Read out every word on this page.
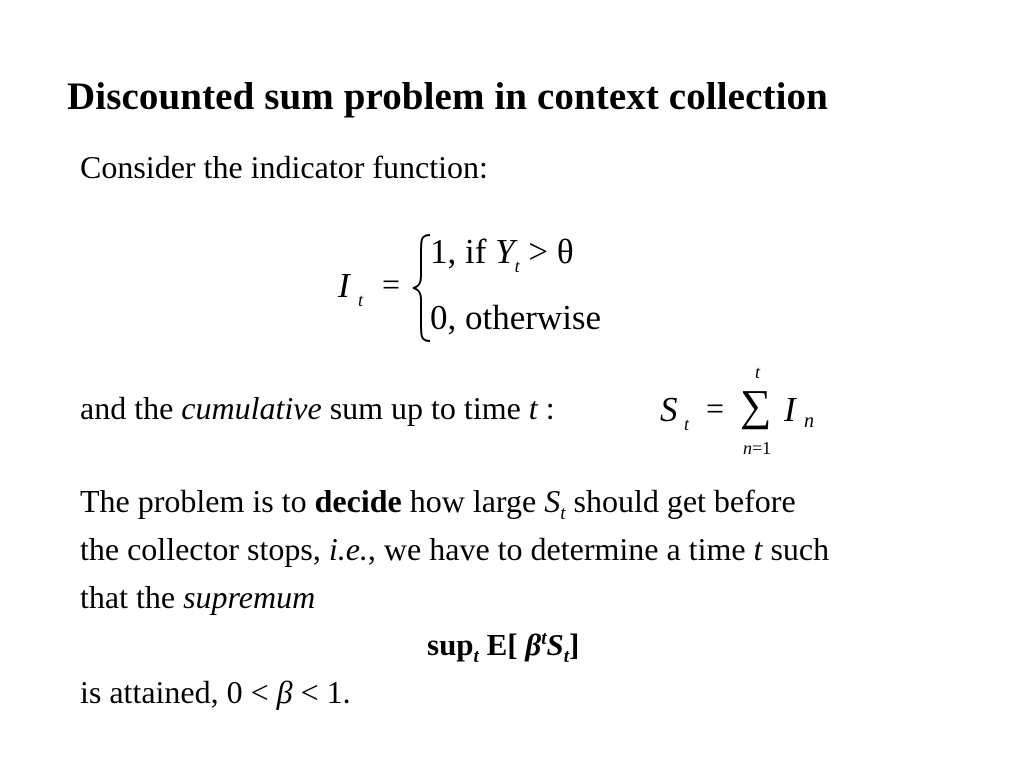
Discounted sum problem in context collection
Consider the indicator function:
I t =
1, if $Y_t > \theta$
0, otherwise
and the cumulative sum up to time t :	S t =
t
∑
n=1
I n
The problem is to decide how large $S_t$ should get before
the collector stops, i.e., we have to determine a time t such
that the supremum
sup$_t$ E[ $\beta^tS_t$]
is attained, 0 < β < 1.
